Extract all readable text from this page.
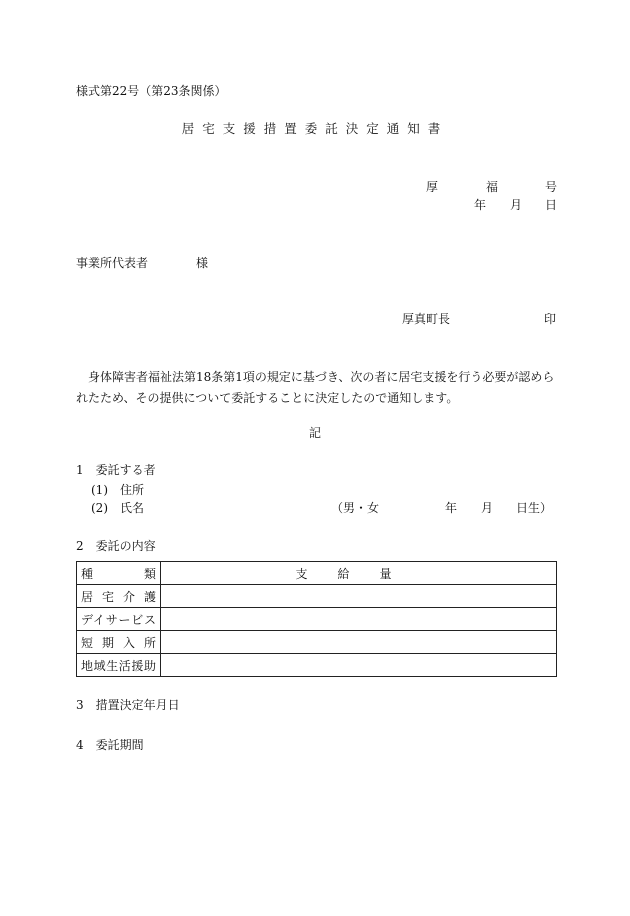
様式第22号（第23条関係）
居宅支援措置委託決定通知書
厚	福	号
年 月 日
事業所代表者	様
厚真町長	印
身体障害者福祉法第18条第1項の規定に基づき、次の者に居宅支援を行う必要が認められたため、その提供について委託することに決定したので通知します。
記
1　委託する者
(1)　住所
(2)　氏名	（男・女	年 月 日生）
2　委託の内容
種類	支給量
居宅介護	
デイサービス	
短期入所	
地域生活援助	
3　措置決定年月日
4　委託期間
